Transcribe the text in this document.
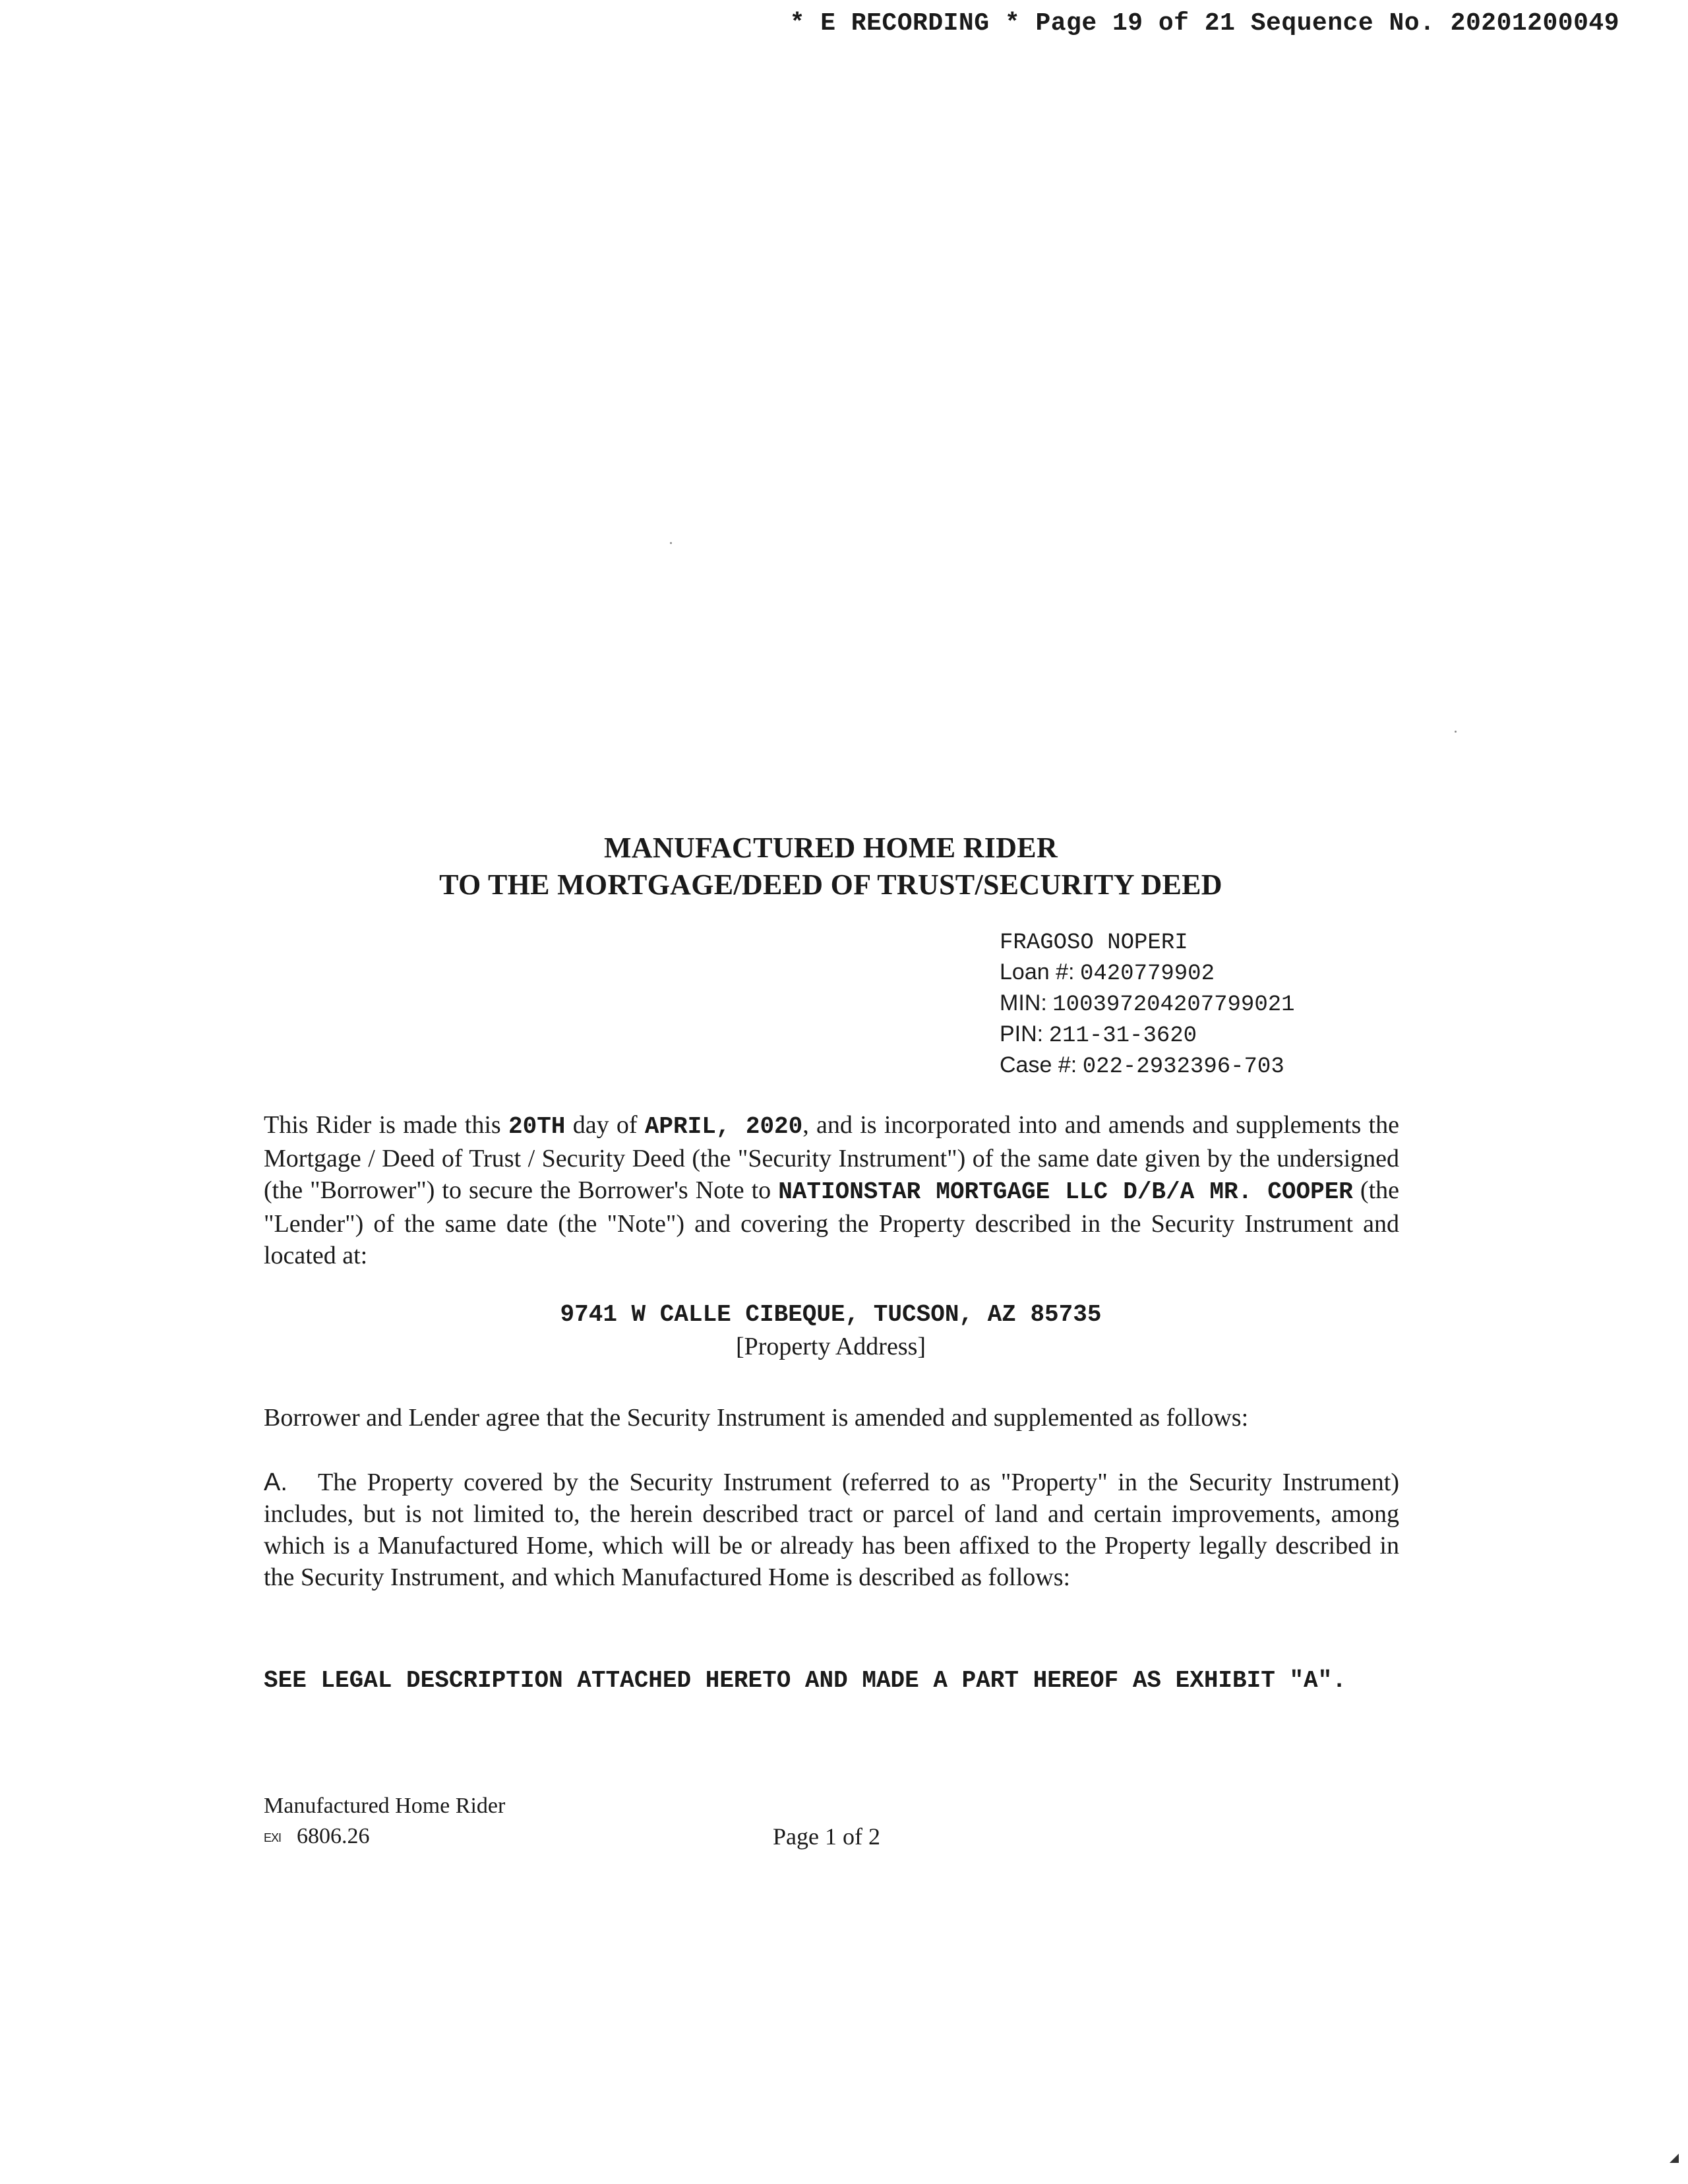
* E RECORDING * Page 19 of 21 Sequence No. 20201200049
MANUFACTURED HOME RIDER
TO THE MORTGAGE/DEED OF TRUST/SECURITY DEED
FRAGOSO NOPERI
Loan #: 0420779902
MIN: 100397204207799021
PIN: 211-31-3620
Case #: 022-2932396-703
This Rider is made this 20TH day of APRIL, 2020, and is incorporated into and amends and supplements the Mortgage / Deed of Trust / Security Deed (the "Security Instrument") of the same date given by the undersigned (the "Borrower") to secure the Borrower's Note to NATIONSTAR MORTGAGE LLC D/B/A MR. COOPER (the "Lender") of the same date (the "Note") and covering the Property described in the Security Instrument and located at:
9741 W CALLE CIBEQUE, TUCSON, AZ 85735
[Property Address]
Borrower and Lender agree that the Security Instrument is amended and supplemented as follows:
A. The Property covered by the Security Instrument (referred to as "Property" in the Security Instrument) includes, but is not limited to, the herein described tract or parcel of land and certain improvements, among which is a Manufactured Home, which will be or already has been affixed to the Property legally described in the Security Instrument, and which Manufactured Home is described as follows:
SEE LEGAL DESCRIPTION ATTACHED HERETO AND MADE A PART HEREOF AS EXHIBIT "A".
Manufactured Home Rider
EXI 6806.26	Page 1 of 2
